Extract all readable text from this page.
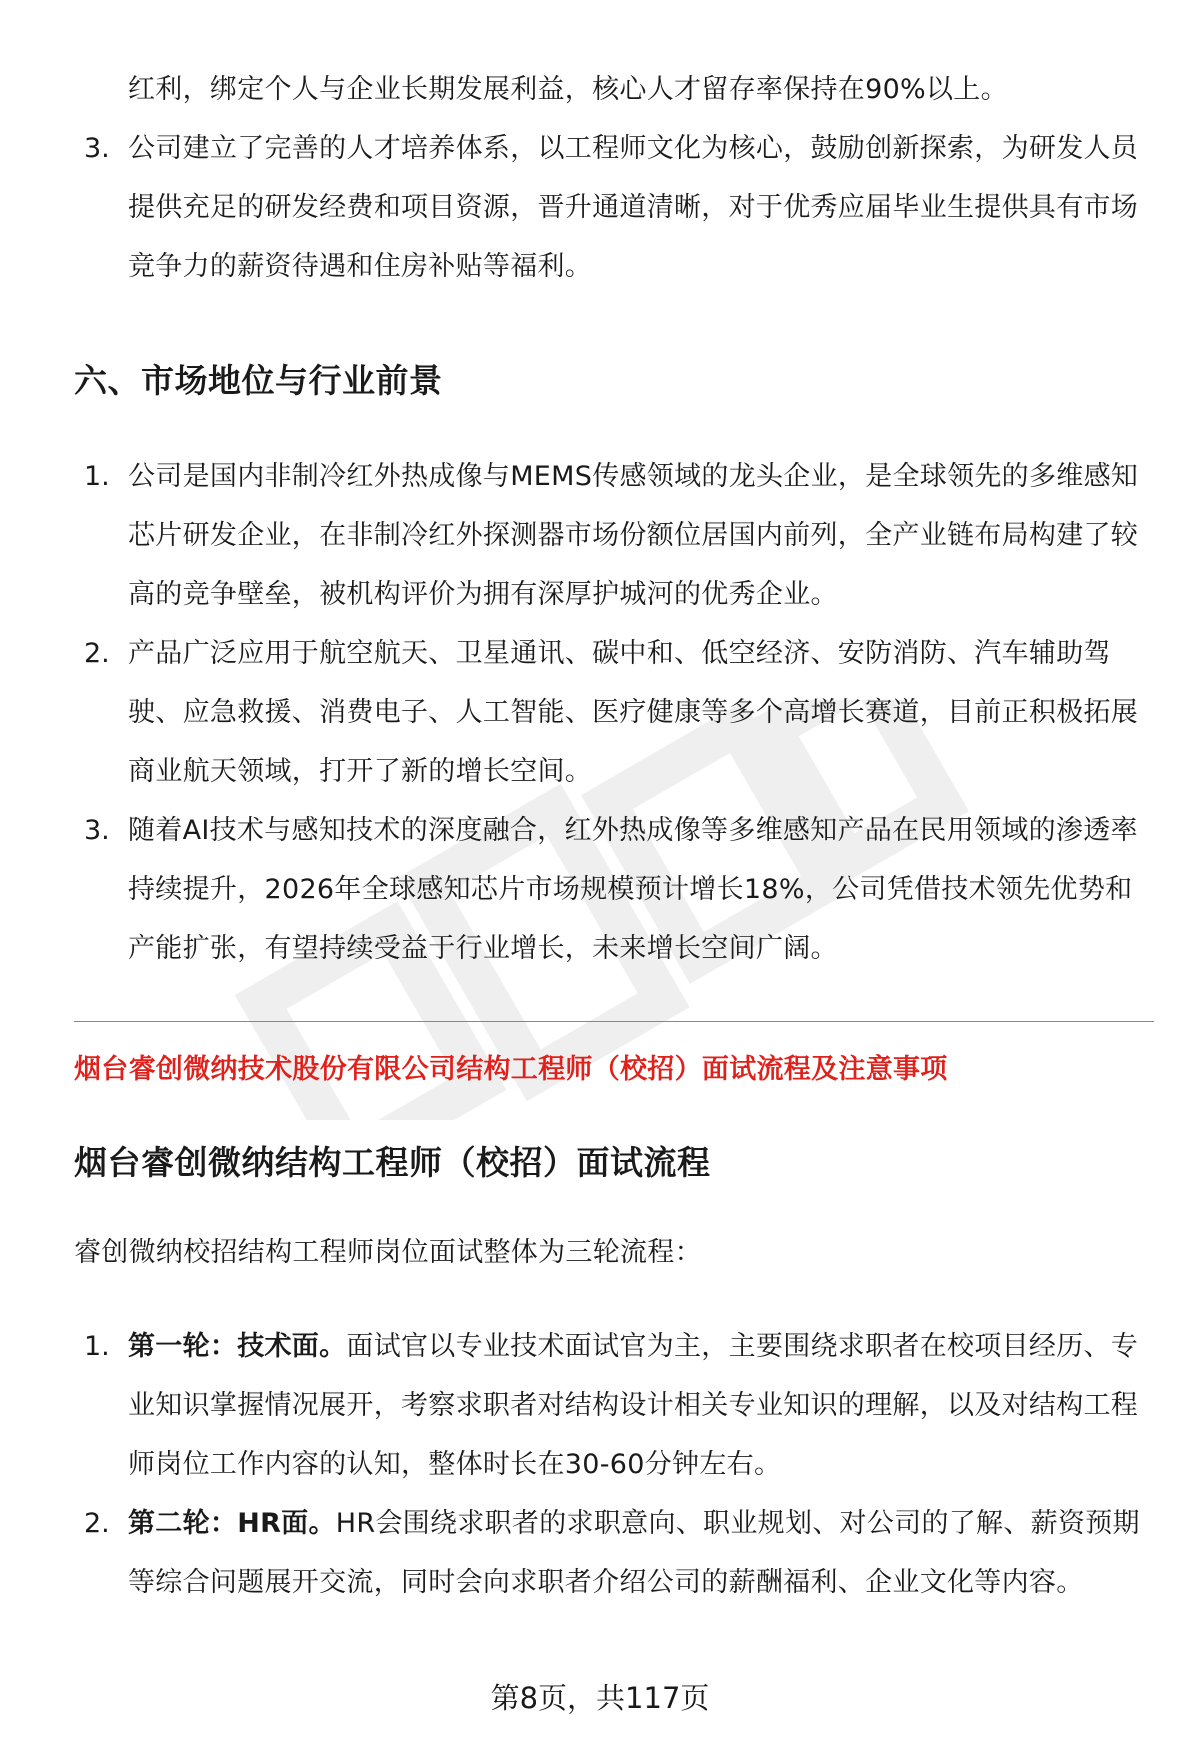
红利，绑定个人与企业长期发展利益，核心人才留存率保持在90%以上。
3. 公司建立了完善的人才培养体系，以工程师文化为核心，鼓励创新探索，为研发人员提供充足的研发经费和项目资源，晋升通道清晰，对于优秀应届毕业生提供具有市场竞争力的薪资待遇和住房补贴等福利。
六、市场地位与行业前景
1. 公司是国内非制冷红外热成像与MEMS传感领域的龙头企业，是全球领先的多维感知芯片研发企业，在非制冷红外探测器市场份额位居国内前列，全产业链布局构建了较高的竞争壁垒，被机构评价为拥有深厚护城河的优秀企业。
2. 产品广泛应用于航空航天、卫星通讯、碳中和、低空经济、安防消防、汽车辅助驾驶、应急救援、消费电子、人工智能、医疗健康等多个高增长赛道，目前正积极拓展商业航天领域，打开了新的增长空间。
3. 随着AI技术与感知技术的深度融合，红外热成像等多维感知产品在民用领域的渗透率持续提升，2026年全球感知芯片市场规模预计增长18%，公司凭借技术领先优势和产能扩张，有望持续受益于行业增长，未来增长空间广阔。
烟台睿创微纳技术股份有限公司结构工程师（校招）面试流程及注意事项
烟台睿创微纳结构工程师（校招）面试流程
睿创微纳校招结构工程师岗位面试整体为三轮流程：
1. 第一轮：技术面。面试官以专业技术面试官为主，主要围绕求职者在校项目经历、专业知识掌握情况展开，考察求职者对结构设计相关专业知识的理解，以及对结构工程师岗位工作内容的认知，整体时长在30-60分钟左右。
2. 第二轮：HR面。HR会围绕求职者的求职意向、职业规划、对公司的了解、薪资预期等综合问题展开交流，同时会向求职者介绍公司的薪酬福利、企业文化等内容。
第8页，共117页
